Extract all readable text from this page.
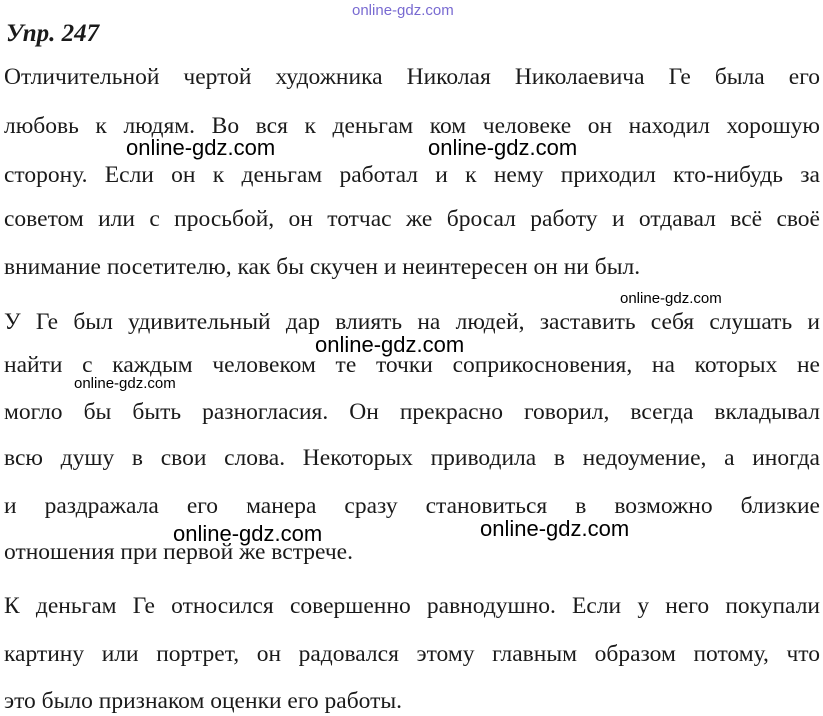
online-gdz.com
Упр. 247
Отличительной чертой художника Николая Николаевича Ге была его
любовь к людям. Во вся к деньгам ком человеке он находил хорошую
сторону. Если он к деньгам работал и к нему приходил кто-нибудь за
советом или с просьбой, он тотчас же бросал работу и отдавал всё своё
внимание посетителю, как бы скучен и неинтересен он ни был.
У Ге был удивительный дар влиять на людей, заставить себя слушать и
найти с каждым человеком те точки соприкосновения, на которых не
могло бы быть разногласия. Он прекрасно говорил, всегда вкладывал
всю душу в свои слова. Некоторых приводила в недоумение, а иногда
и раздражала его манера сразу становиться в возможно близкие
отношения при первой же встрече.
К деньгам Ге относился совершенно равнодушно. Если у него покупали
картину или портрет, он радовался этому главным образом потому, что
это было признаком оценки его работы.
online-gdz.com	online-gdz.com
online-gdz.com
online-gdz.com
online-gdz.com
online-gdz.com	online-gdz.com
